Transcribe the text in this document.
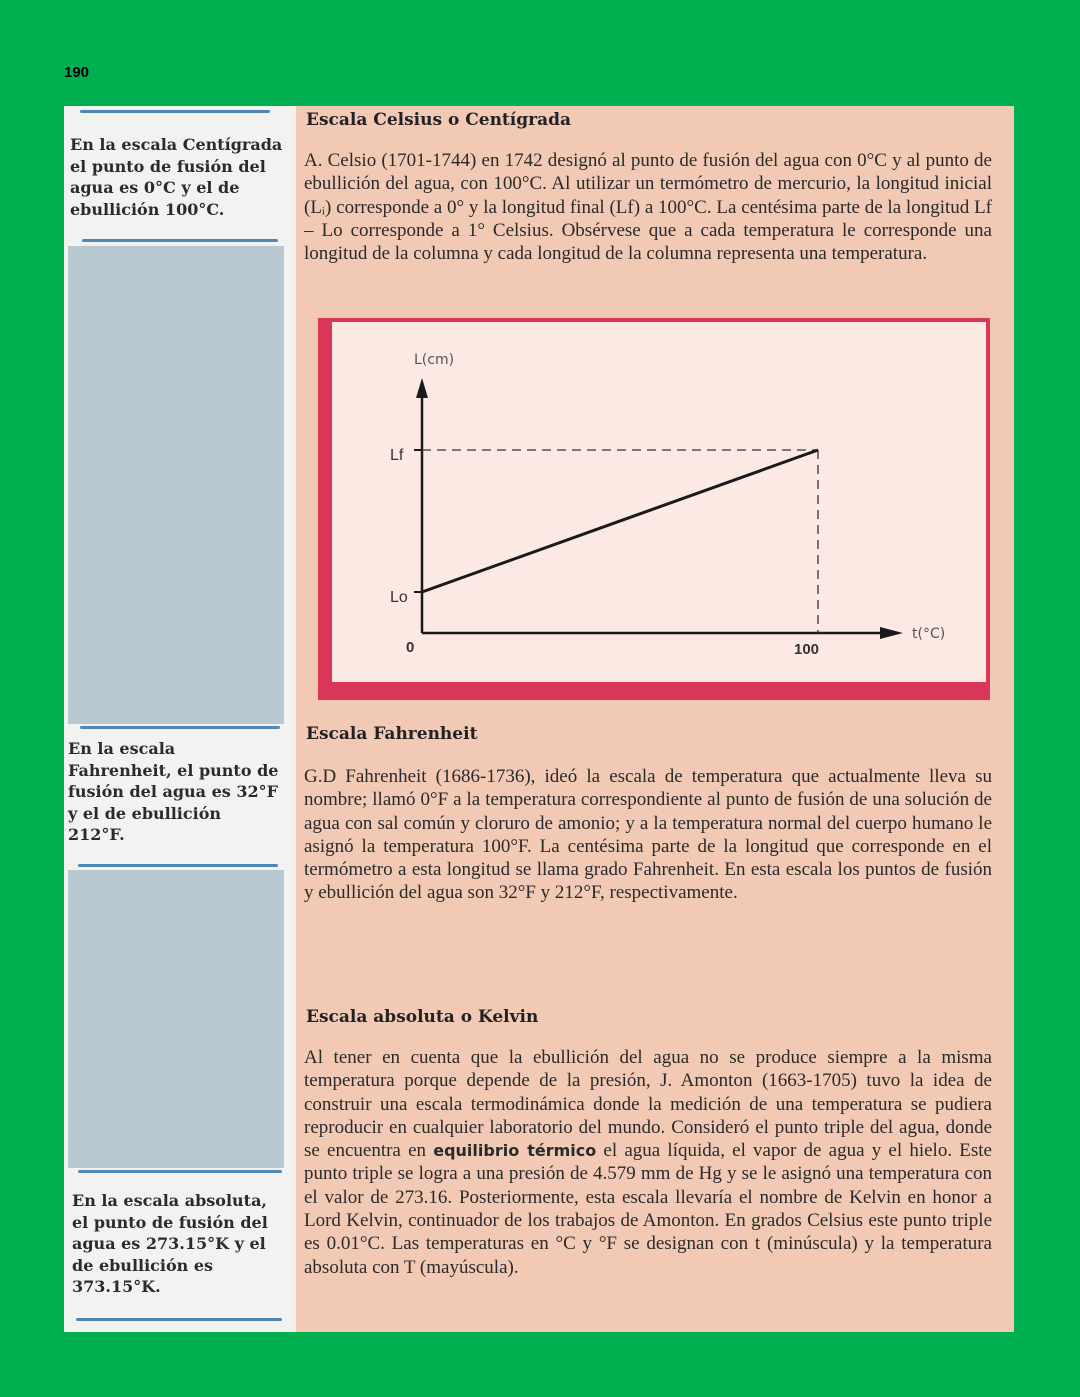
190
En la escala Centígrada el punto de fusión del agua es 0°C y el de ebullición 100°C.
En la escala Fahrenheit, el punto de fusión del agua es 32°F y el de ebullición 212°F.
En la escala absoluta, el punto de fusión del agua es 273.15°K y el de ebullición es 373.15°K.
Escala Celsius o Centígrada

A. Celsio (1701-1744) en 1742 designó al punto de fusión del agua con 0°C y al punto de ebullición del agua, con 100°C. Al utilizar un termómetro de mercurio, la longitud inicial (Lᵢ) corresponde a 0° y la longitud final (Lf) a 100°C. La centésima parte de la longitud Lf – Lo corresponde a 1° Celsius. Obsérvese que a cada temperatura le corresponde una longitud de la columna y cada longitud de la columna representa una temperatura.

L(cm)
t(°C)
0	100
Lo
Lf
Escala Fahrenheit

G.D Fahrenheit (1686-1736), ideó la escala de temperatura que actualmente lleva su nombre; llamó 0°F a la temperatura correspondiente al punto de fusión de una solución de agua con sal común y cloruro de amonio; y a la temperatura normal del cuerpo humano le asignó la temperatura 100°F. La centésima parte de la longitud que corresponde en el termómetro a esta longitud se llama grado Fahrenheit. En esta escala los puntos de fusión y ebullición del agua son 32°F y 212°F, respectivamente.

Escala absoluta o Kelvin

Al tener en cuenta que la ebullición del agua no se produce siempre a la misma temperatura porque depende de la presión, J. Amonton (1663-1705) tuvo la idea de construir una escala termodinámica donde la medición de una temperatura se pudiera reproducir en cualquier laboratorio del mundo. Consideró el punto triple del agua, donde se encuentra en equilibrio térmico el agua líquida, el vapor de agua y el hielo. Este punto triple se logra a una presión de 4.579 mm de Hg y se le asignó una temperatura con el valor de 273.16. Posteriormente, esta escala llevaría el nombre de Kelvin en honor a Lord Kelvin, continuador de los trabajos de Amonton. En grados Celsius este punto triple es 0.01°C. Las temperaturas en °C y °F se designan con t (minúscula) y la temperatura absoluta con T (mayúscula).
